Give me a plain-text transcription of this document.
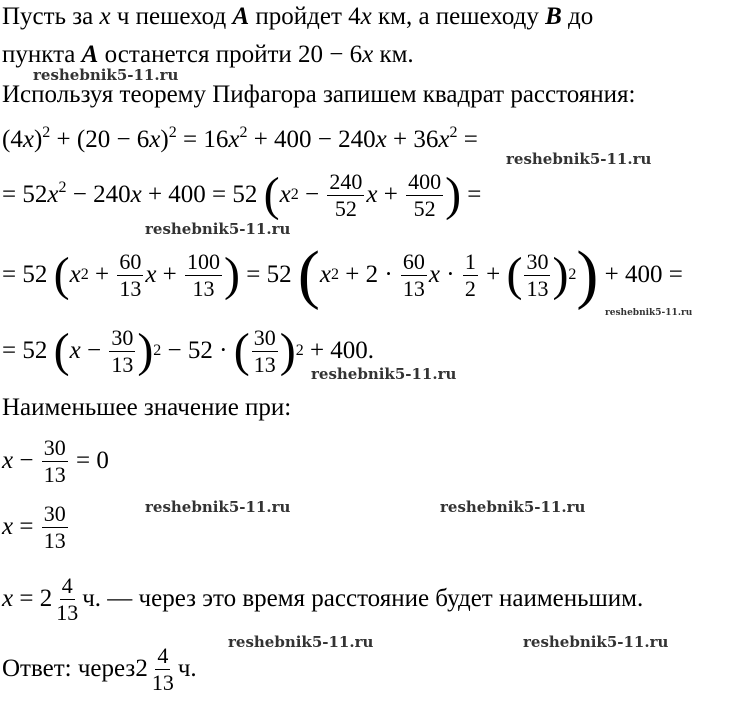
Пусть за x ч пешеход A пройдет 4x км, а пешеходу B до
пункта A останется пройти 20 − 6x км.
Используя теорему Пифагора запишем квадрат расстояния:
$(4x)^2 + (20 - 6x)^2 = 16x^2 + 400 - 240x + 36x^2$ =
= $52x^2 - 240x + 400 = 52$ ( x $2 - \frac{240}{52}$ $x + \frac{400}{52}$ ) =
= 52 ( x $2 + \frac{60}{13}$ $x + \frac{100}{13}$ ) = 52 ( x $2 + 2 \cdot \frac{60}{13}$ $x \cdot \frac{1}{2}$ + ( $\frac{30}{13}$ ) 2 ) + 400 =
= 52 ( $x - \frac{30}{13}$ ) 2 − 52 · ( $\frac{30}{13}$ ) 2 + 400.
Наименьшее значение при:
$x - \frac{30}{13} = 0$
$x = \frac{30}{13}$
$x = 2 \frac{4}{13} ч$. — через это время расстояние будет наименьшим.
Ответ: через $2 \frac{4}{13} ч$.
reshebnik5-11.ru
reshebnik5-11.ru
reshebnik5-11.ru
reshebnik5-11.ru
reshebnik5-11.ru
reshebnik5-11.ru	reshebnik5-11.ru
reshebnik5-11.ru	reshebnik5-11.ru
